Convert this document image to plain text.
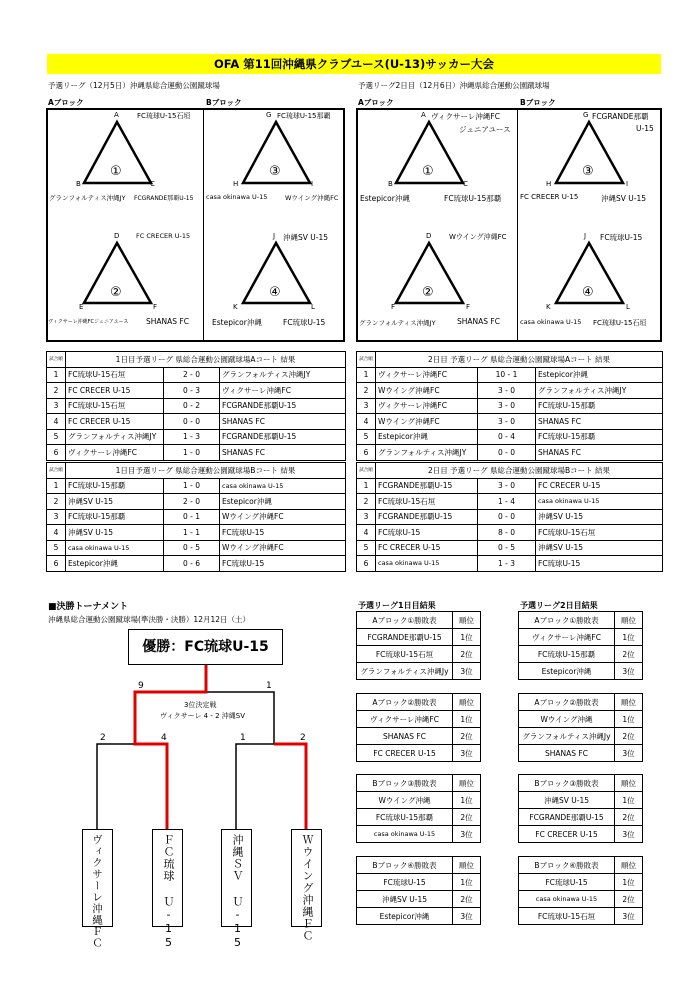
OFA 第11回沖縄県クラブユース(U-13)サッカー大会
予選リーグ（12月5日）沖縄県総合運動公園蹴球場	予選リーグ2日目（12月6日）沖縄県総合運動公園蹴球場
Aブロック	Bブロック	Aブロック	Bブロック
①
A
B	C
FC琉球U-15石垣
グランフォルティス沖縄JY FCGRANDE那覇U-15
③
G
H	I
FC琉球U-15那覇
casa okinawa U-15	Wウイング沖縄FC
②
D
E	F
FC CRECER U-15
ヴィクサーレ沖縄FCジュニアユース SHANAS FC
④
J
K	L
沖縄SV U-15
Estepicor沖縄	FC琉球U-15
①
A
B	C
ヴィクサーレ沖縄FC
ジュニアユース
Estepicor沖縄	FC琉球U-15那覇
③
G
H	I
FCGRANDE那覇
U-15
FC CRECER U-15	沖縄SV U-15
②
D
F	F
Wウイング沖縄FC
グランフォルティス沖縄JY	SHANAS FC
④
J
K	L
FC琉球U-15
casa okinawa U-15 FC琉球U-15石垣
試合順	1日目予選リーグ 県総合運動公園蹴球場Aコート 結果		
1	FC琉球U-15石垣	2 - 0	グランフォルティス沖縄JY
2	FC CRECER U-15	0 - 3	ヴィクサーレ沖縄FC
3	FC琉球U-15石垣	0 - 2	FCGRANDE那覇U-15
4	FC CRECER U-15	0 - 0	SHANAS FC
5	グランフォルティス沖縄JY	1 - 3	FCGRANDE那覇U-15
6	ヴィクサーレ沖縄FC	1 - 0	SHANAS FC
試合順	1日目予選リーグ 県総合運動公園蹴球場Bコート 結果		
1	FC琉球U-15那覇	1 - 0	casa okinawa U-15
2	沖縄SV U-15	2 - 0	Estepicor沖縄
3	FC琉球U-15那覇	0 - 1	Wウイング沖縄FC
4	沖縄SV U-15	1 - 1	FC琉球U-15
5	casa okinawa U-15	0 - 5	Wウイング沖縄FC
6	Estepicor沖縄	0 - 6	FC琉球U-15
試合順	2日目 予選リーグ 県総合運動公園蹴球場Aコート 結果		
1	ヴィクサーレ沖縄FC	10 - 1	Estepicor沖縄
2	Wウイング沖縄FC	3 - 0	グランフォルティス沖縄JY
3	ヴィクサーレ沖縄FC	3 - 0	FC琉球U-15那覇
4	Wウイング沖縄FC	3 - 0	SHANAS FC
5	Estepicor沖縄	0 - 4	FC琉球U-15那覇
6	グランフォルティス沖縄JY	0 - 0	SHANAS FC
試合順	2日目 予選リーグ 県総合運動公園蹴球場Bコート 結果		
1	FCGRANDE那覇U-15	3 - 0	FC CRECER U-15
2	FC琉球U-15石垣	1 - 4	casa okinawa U-15
3	FCGRANDE那覇U-15	0 - 0	沖縄SV U-15
4	FC琉球U-15	8 - 0	FC琉球U-15石垣
5	FC CRECER U-15	0 - 5	沖縄SV U-15
6	casa okinawa U-15	1 - 3	FC琉球U-15
■決勝トーナメント
沖縄県総合運動公園蹴球場(準決勝・決勝）12月12日（土）
優勝：FC琉球U-15
9	1
3位決定戦
ヴィクサーレ 4 - 2 沖縄SV
2	4	1	2
ヴィクサーレ沖縄ＦＣ	ＦＣ琉球 Ｕ-15	沖縄ＳＶ Ｕ-15	Ｗウイング沖縄ＦＣ
予選リーグ1日目結果	予選リーグ2日目結果
Aブロック①勝敗表	順位
FCGRANDE那覇U-15	1位
FC琉球U-15石垣	2位
グランフォルティス沖縄Jy	3位
Aブロック②勝敗表	順位
ヴィクサーレ沖縄FC	1位
SHANAS FC	2位
FC CRECER U-15	3位
Bブロック③勝敗表	順位
Wウイング沖縄	1位
FC琉球U-15那覇	2位
casa okinawa U-15	3位
Bブロック④勝敗表	順位
FC琉球U-15	1位
沖縄SV U-15	2位
Estepicor沖縄	3位
Aブロック①勝敗表	順位
ヴィクサーレ沖縄FC	1位
FC琉球U-15那覇	2位
Estepicor沖縄	3位
Aブロック②勝敗表	順位
Wウイング沖縄	1位
グランフォルティス沖縄Jy	2位
SHANAS FC	3位
Bブロック③勝敗表	順位
沖縄SV U-15	1位
FCGRANDE那覇U-15	2位
FC CRECER U-15	3位
Bブロック④勝敗表	順位
FC琉球U-15	1位
casa okinawa U-15	2位
FC琉球U-15石垣	3位
